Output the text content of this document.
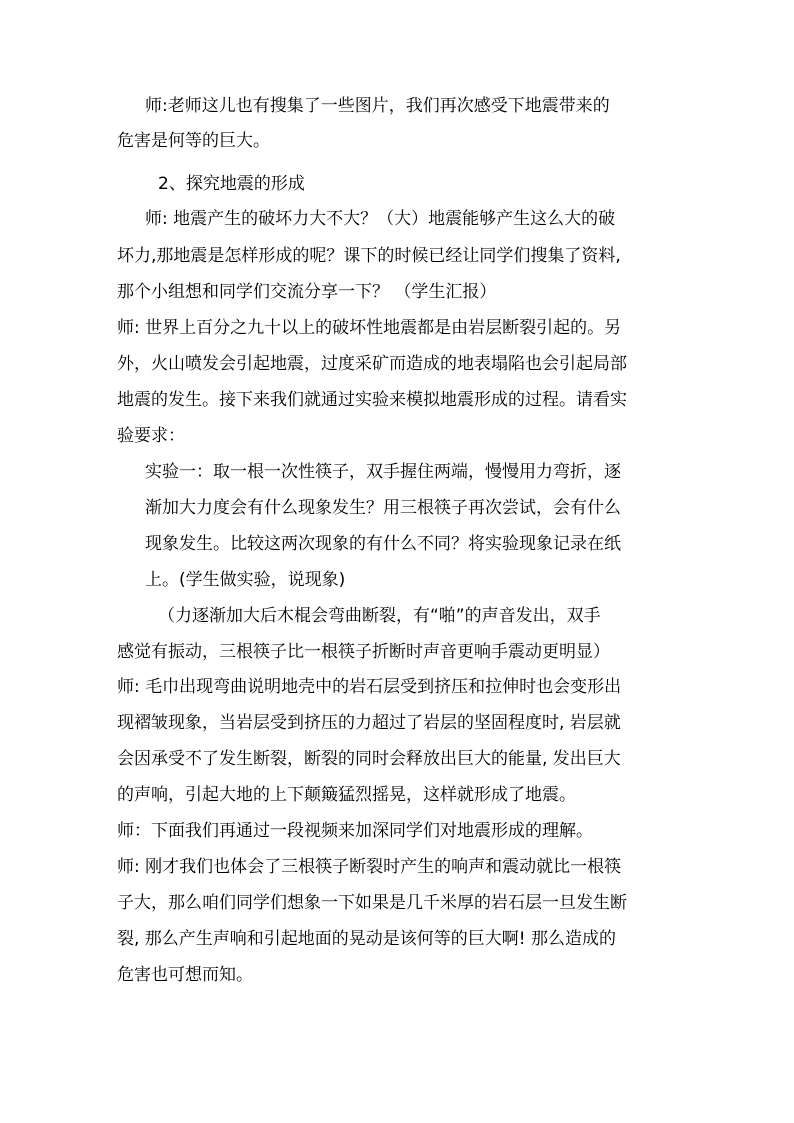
师:老师这儿也有搜集了一些图片，我们再次感受下地震带来的
危害是何等的巨大。
2、探究地震的形成
师: 地震产生的破坏力大不大？（大）地震能够产生这么大的破
坏力,那地震是怎样形成的呢？课下的时候已经让同学们搜集了资料,
那个小组想和同学们交流分享一下？ （学生汇报）
师: 世界上百分之九十以上的破坏性地震都是由岩层断裂引起的。另
外，火山喷发会引起地震，过度采矿而造成的地表塌陷也会引起局部
地震的发生。接下来我们就通过实验来模拟地震形成的过程。请看实
验要求：
实验一：取一根一次性筷子，双手握住两端，慢慢用力弯折，逐
渐加大力度会有什么现象发生？用三根筷子再次尝试，会有什么
现象发生。比较这两次现象的有什么不同？将实验现象记录在纸
上。(学生做实验，说现象)
（力逐渐加大后木棍会弯曲断裂，有“啪”的声音发出，双手
感觉有振动，三根筷子比一根筷子折断时声音更响手震动更明显）
师: 毛巾出现弯曲说明地壳中的岩石层受到挤压和拉伸时也会变形出
现褶皱现象，当岩层受到挤压的力超过了岩层的坚固程度时, 岩层就
会因承受不了发生断裂，断裂的同时会释放出巨大的能量, 发出巨大
的声响，引起大地的上下颠簸猛烈摇晃，这样就形成了地震。
师：下面我们再通过一段视频来加深同学们对地震形成的理解。
师: 刚才我们也体会了三根筷子断裂时产生的响声和震动就比一根筷
子大，那么咱们同学们想象一下如果是几千米厚的岩石层一旦发生断
裂, 那么产生声响和引起地面的晃动是该何等的巨大啊! 那么造成的
危害也可想而知。
